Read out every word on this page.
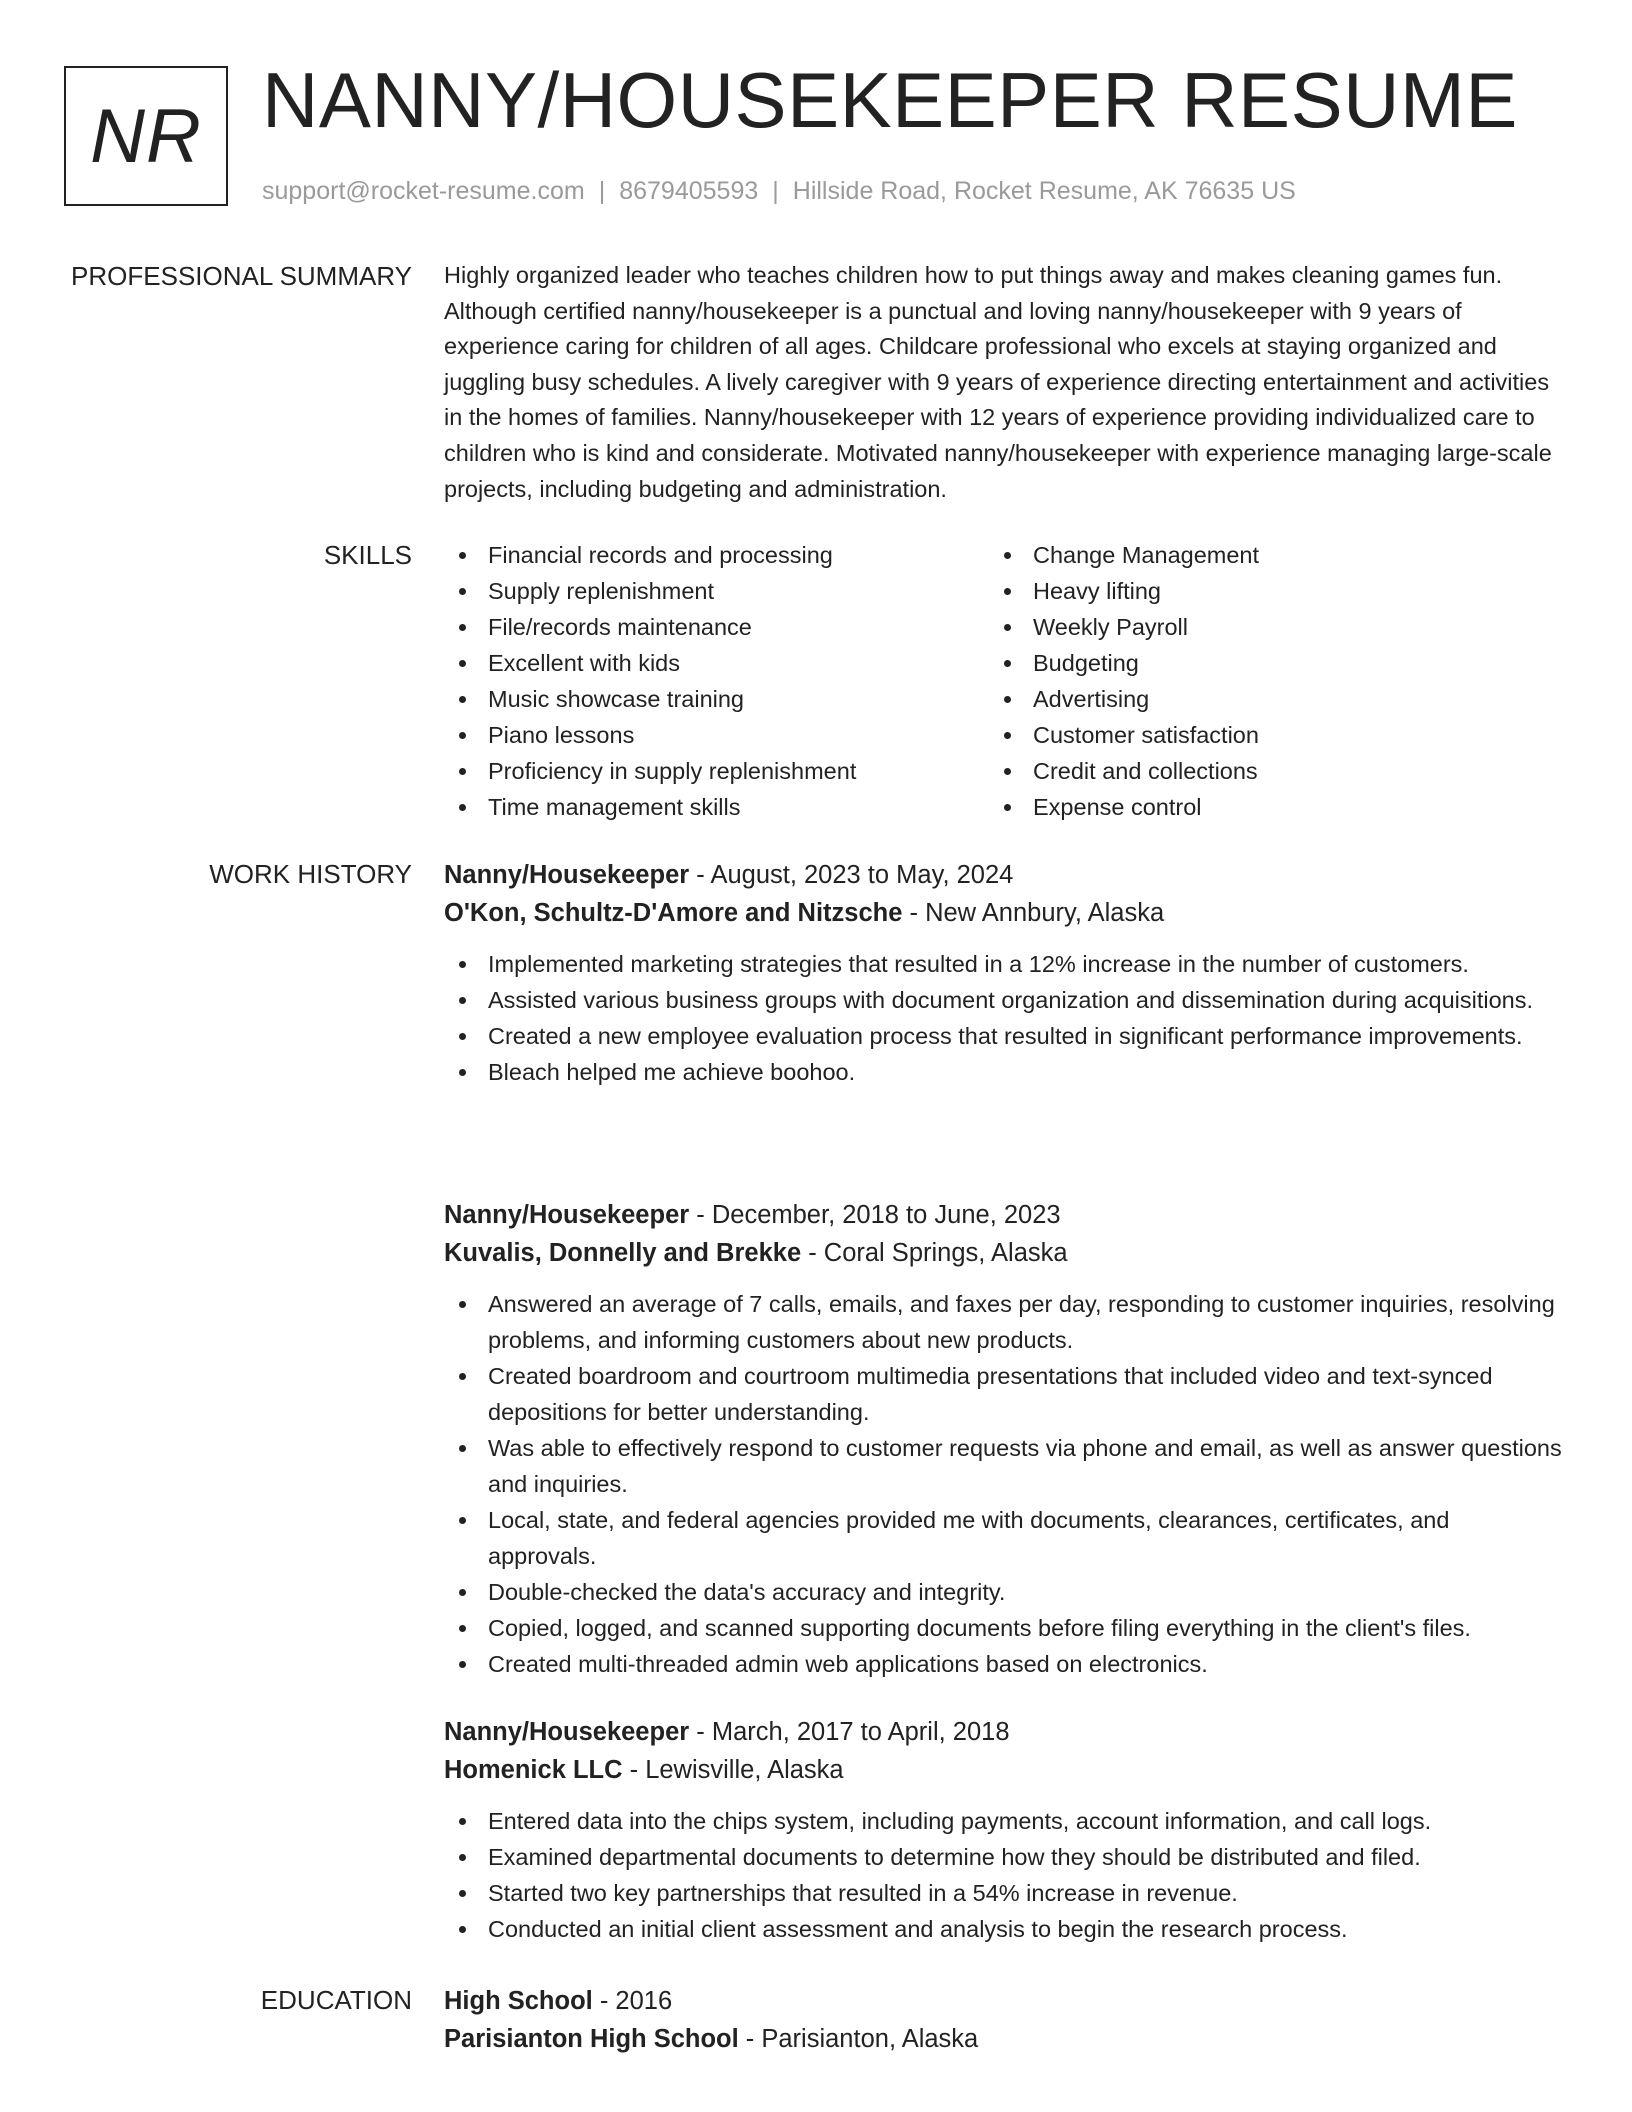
NR NANNY/HOUSEKEEPER RESUME
support@rocket-resume.com | 8679405593 | Hillside Road, Rocket Resume, AK 76635 US
PROFESSIONAL SUMMARY Highly organized leader who teaches children how to put things away and makes cleaning games fun. Although certified nanny/housekeeper is a punctual and loving nanny/housekeeper with 9 years of experience caring for children of all ages. Childcare professional who excels at staying organized and juggling busy schedules. A lively caregiver with 9 years of experience directing entertainment and activities in the homes of families. Nanny/housekeeper with 12 years of experience providing individualized care to children who is kind and considerate. Motivated nanny/housekeeper with experience managing large-scale projects, including budgeting and administration.

SKILLS	Financial records and processing
Supply replenishment
File/records maintenance
Excellent with kids
Music showcase training
Piano lessons
Proficiency in supply replenishment
Time management skills
Change Management
Heavy lifting
Weekly Payroll
Budgeting
Advertising
Customer satisfaction
Credit and collections
Expense control
WORK HISTORY Nanny/Housekeeper - August, 2023 to May, 2024
O'Kon, Schultz-D'Amore and Nitzsche - New Annbury, Alaska
Implemented marketing strategies that resulted in a 12% increase in the number of customers.
Assisted various business groups with document organization and dissemination during acquisitions.
Created a new employee evaluation process that resulted in significant performance improvements.
Bleach helped me achieve boohoo.
Nanny/Housekeeper - December, 2018 to June, 2023
Kuvalis, Donnelly and Brekke - Coral Springs, Alaska
Answered an average of 7 calls, emails, and faxes per day, responding to customer inquiries, resolving problems, and informing customers about new products.
Created boardroom and courtroom multimedia presentations that included video and text-synced depositions for better understanding.
Was able to effectively respond to customer requests via phone and email, as well as answer questions and inquiries.
Local, state, and federal agencies provided me with documents, clearances, certificates, and approvals.
Double-checked the data's accuracy and integrity.
Copied, logged, and scanned supporting documents before filing everything in the client's files.
Created multi-threaded admin web applications based on electronics.
Nanny/Housekeeper - March, 2017 to April, 2018
Homenick LLC - Lewisville, Alaska
Entered data into the chips system, including payments, account information, and call logs.
Examined departmental documents to determine how they should be distributed and filed.
Started two key partnerships that resulted in a 54% increase in revenue.
Conducted an initial client assessment and analysis to begin the research process.
EDUCATION High School - 2016
Parisianton High School - Parisianton, Alaska
